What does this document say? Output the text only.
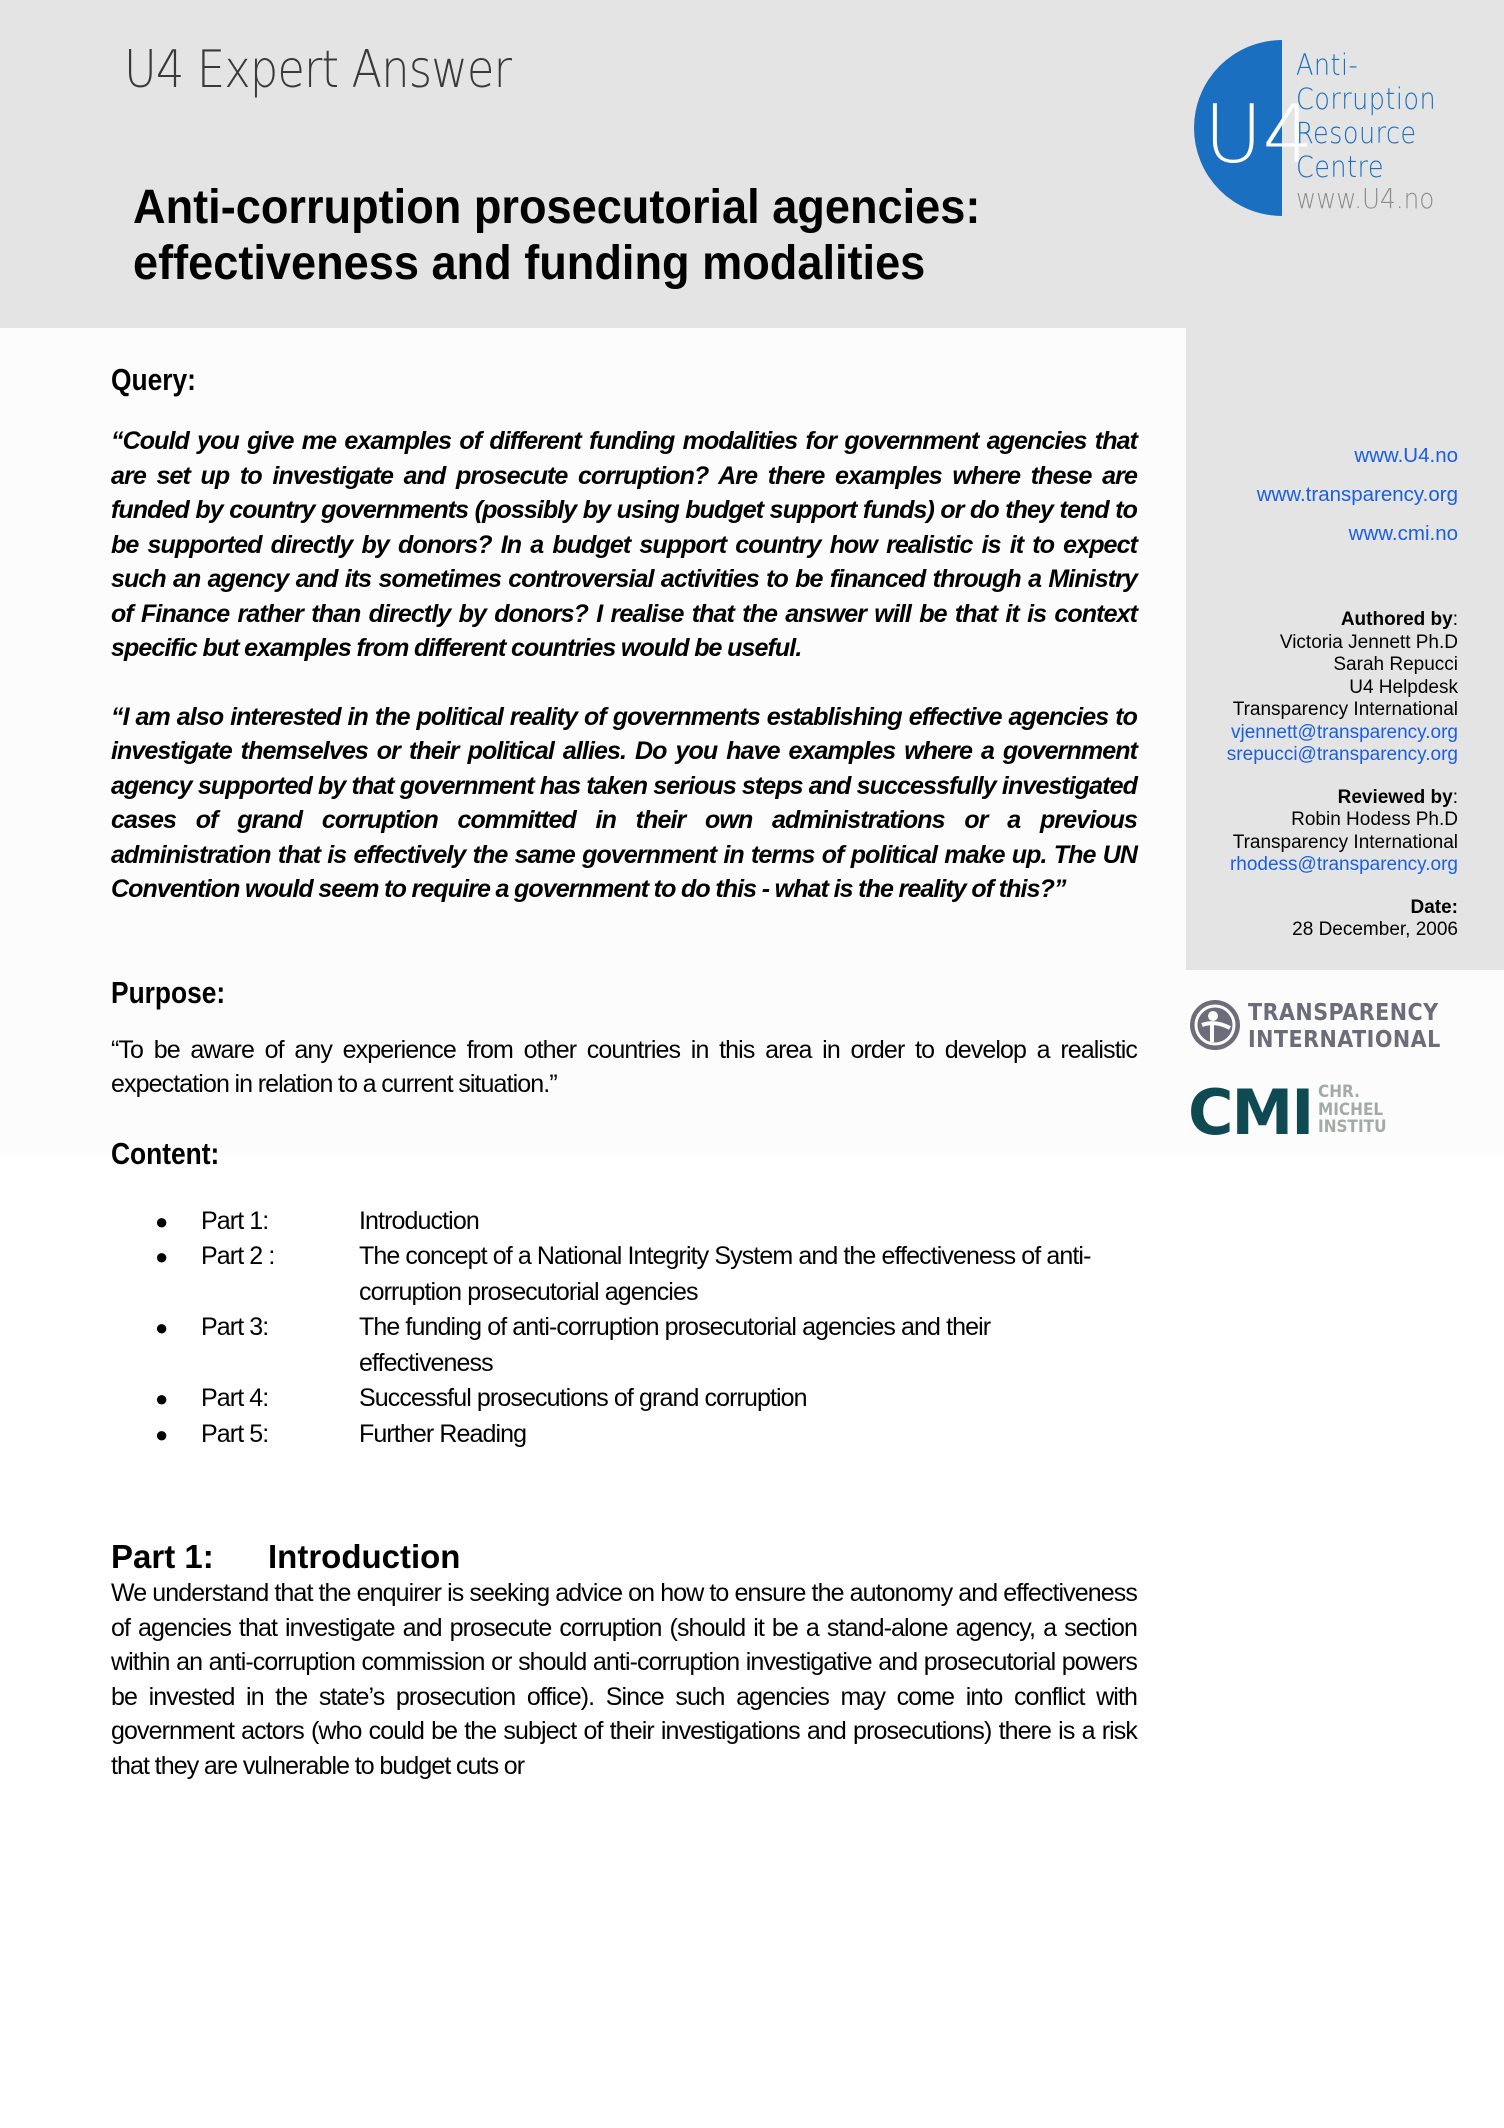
U4 Expert Answer
Anti-corruption prosecutorial agencies:
effectiveness and funding modalities
U4
Anti-
Corruption
Resource
Centre
www.U4.no
Query:

“Could you give me examples of different funding modalities for government agencies that are set up to investigate and prosecute corruption? Are there examples where these are funded by country governments (possibly by using budget support funds) or do they tend to be supported directly by donors? In a budget support country how realistic is it to expect such an agency and its sometimes controversial activities to be financed through a Ministry of Finance rather than directly by donors? I realise that the answer will be that it is context specific but examples from different countries would be useful.

“I am also interested in the political reality of governments establishing effective agencies to investigate themselves or their political allies. Do you have examples where a government agency supported by that government has taken serious steps and successfully investigated cases of grand corruption committed in their own administrations or a previous administration that is effectively the same government in terms of political make up. The UN Convention would seem to require a government to do this - what is the reality of this?”

Purpose:

“To be aware of any experience from other countries in this area in order to develop a realistic expectation in relation to a current situation.”

Content:
●	Part 1:	Introduction
●	Part 2 :	The concept of a National Integrity System and the effectiveness of anti-corruption prosecutorial agencies
●	Part 3:	The funding of anti-corruption prosecutorial agencies and their effectiveness
●	Part 4:	Successful prosecutions of grand corruption
●	Part 5:	Further Reading
Part 1:	Introduction

We understand that the enquirer is seeking advice on how to ensure the autonomy and effectiveness of agencies that investigate and prosecute corruption (should it be a stand-alone agency, a section within an anti-corruption commission or should anti-corruption investigative and prosecutorial powers be invested in the state’s prosecution office). Since such agencies may come into conflict with government actors (who could be the subject of their investigations and prosecutions) there is a risk that they are vulnerable to budget cuts or

www.U4.no
www.transparency.org
www.cmi.no
Authored by:
Victoria Jennett Ph.D
Sarah Repucci
U4 Helpdesk
Transparency International
vjennett@transparency.org
srepucci@transparency.org
Reviewed by:
Robin Hodess Ph.D
Transparency International
rhodess@transparency.org
Date:
28 December, 2006
TRANSPARENCY
INTERNATIONAL
CMI CHR.
MICHEL
INSTITU
